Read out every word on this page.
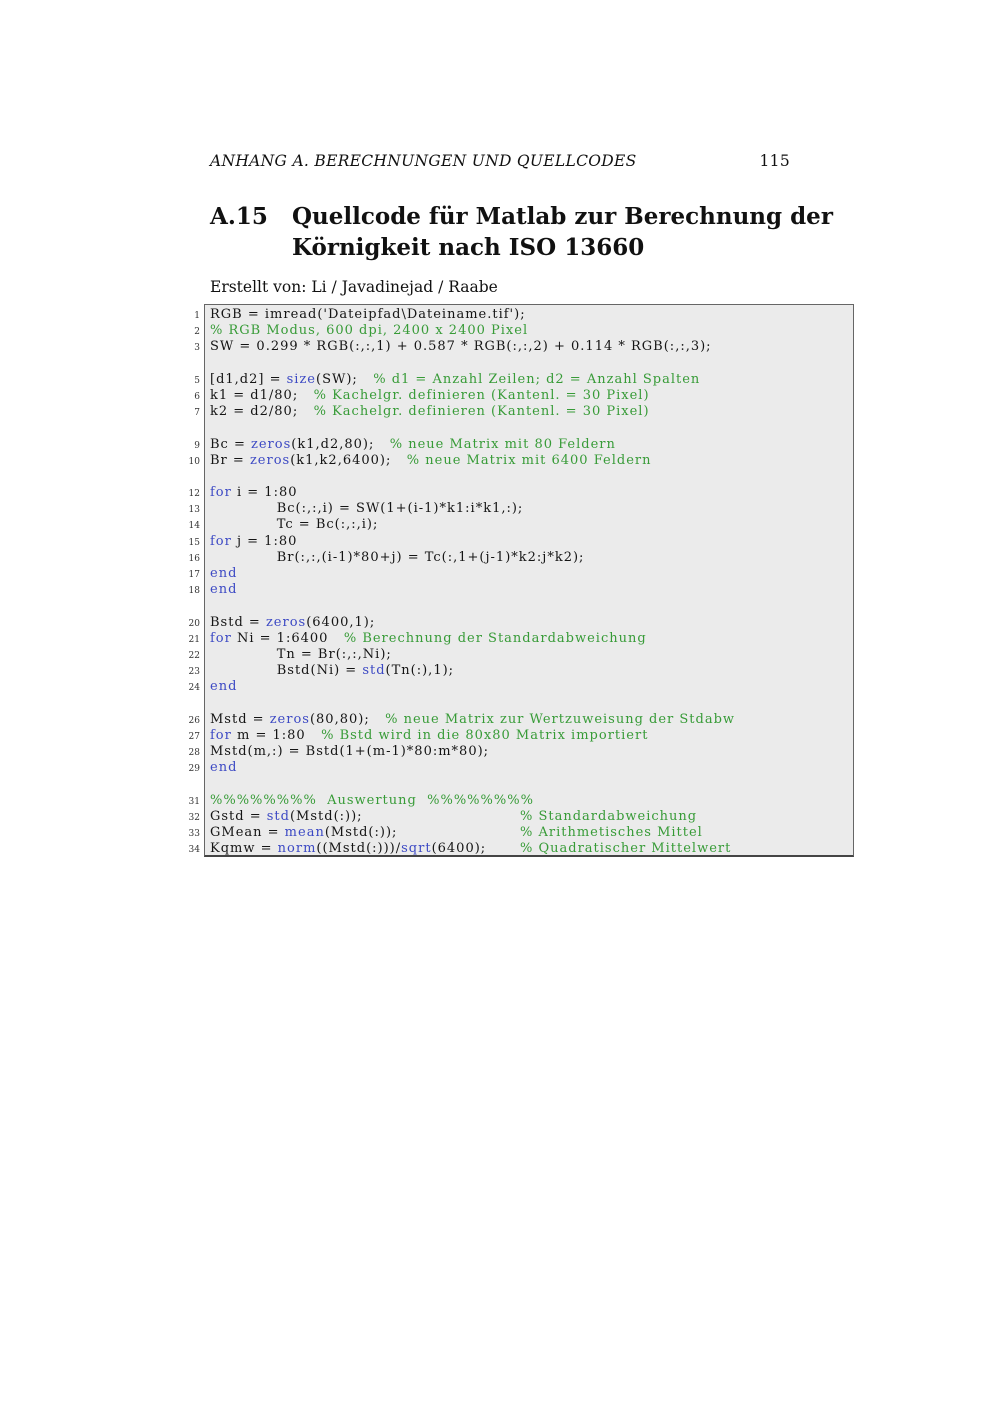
ANHANG A. BERECHNUNGEN UND QUELLCODES	115
A.15	Quellcode für Matlab zur Berechnung der
Körnigkeit nach ISO 13660
Erstellt von: Li / Javadinejad / Raabe
1 RGB = imread('Dateipfad\Dateiname.tif');
2 % RGB Modus, 600 dpi, 2400 x 2400 Pixel
3 SW = 0.299 * RGB(:,:,1) + 0.587 * RGB(:,:,2) + 0.114 * RGB(:,:,3);
5 [d1,d2] = size(SW);   % d1 = Anzahl Zeilen; d2 = Anzahl Spalten
6 k1 = d1/80;   % Kachelgr. definieren (Kantenl. = 30 Pixel)
7 k2 = d2/80;   % Kachelgr. definieren (Kantenl. = 30 Pixel)
9 Bc = zeros(k1,d2,80);   % neue Matrix mit 80 Feldern
10 Br = zeros(k1,k2,6400);   % neue Matrix mit 6400 Feldern
12 for i = 1:80
13 Bc(:,:,i) = SW(1+(i-1)*k1:i*k1,:);
14 Tc = Bc(:,:,i);
15 for j = 1:80
16 Br(:,:,(i-1)*80+j) = Tc(:,1+(j-1)*k2:j*k2);
17 end
18 end
20 Bstd = zeros(6400,1);
21 for Ni = 1:6400   % Berechnung der Standardabweichung
22 Tn = Br(:,:,Ni);
23 Bstd(Ni) = std(Tn(:),1);
24 end
26 Mstd = zeros(80,80);   % neue Matrix zur Wertzuweisung der Stdabw
27 for m = 1:80   % Bstd wird in die 80x80 Matrix importiert
28 Mstd(m,:) = Bstd(1+(m-1)*80:m*80);
29 end
31 %%%%%%%%  Auswertung  %%%%%%%%
32 Gstd = std(Mstd(:));	% Standardabweichung
33 GMean = mean(Mstd(:));	% Arithmetisches Mittel
34 Kqmw = norm((Mstd(:)))/sqrt(6400);	% Quadratischer Mittelwert
